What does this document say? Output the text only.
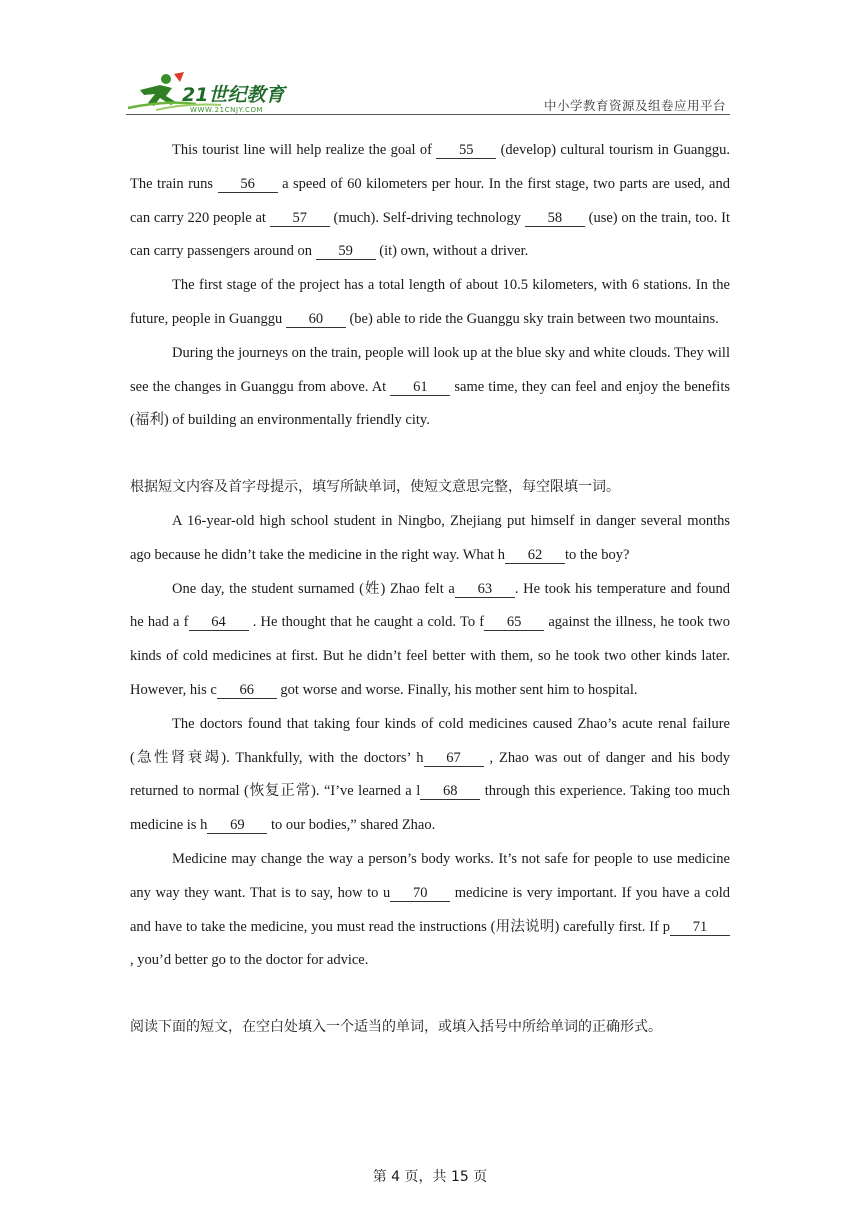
21世纪教育
WWW.21CNJY.COM	中小学教育资源及组卷应用平台

This tourist line will help realize the goal of 55 (develop) cultural tourism in Guanggu. The train runs 56 a speed of 60 kilometers per hour. In the first stage, two parts are used, and can carry 220 people at 57 (much). Self-driving technology 58 (use) on the train, too. It can carry passengers around on 59 (it) own, without a driver.

The first stage of the project has a total length of about 10.5 kilometers, with 6 stations. In the future, people in Guanggu 60 (be) able to ride the Guanggu sky train between two mountains.

During the journeys on the train, people will look up at the blue sky and white clouds. They will see the changes in Guanggu from above. At 61 same time, they can feel and enjoy the benefits (福利) of building an environmentally friendly city.

根据短文内容及首字母提示，填写所缺单词，使短文意思完整，每空限填一词。

A 16-year-old high school student in Ningbo, Zhejiang put himself in danger several months ago because he didn’t take the medicine in the right way. What h 62 to the boy?

One day, the student surnamed (姓) Zhao felt a 63 . He took his temperature and found he had a f 64 . He thought that he caught a cold. To f 65 against the illness, he took two kinds of cold medicines at first. But he didn’t feel better with them, so he took two other kinds later. However, his c 66 got worse and worse. Finally, his mother sent him to hospital.

The doctors found that taking four kinds of cold medicines caused Zhao’s acute renal failure (急性肾衰竭). Thankfully, with the doctors’ h 67 , Zhao was out of danger and his body returned to normal (恢复正常). “I’ve learned a l 68 through this experience. Taking too much medicine is h 69 to our bodies,” shared Zhao.

Medicine may change the way a person’s body works. It’s not safe for people to use medicine any way they want. That is to say, how to u 70 medicine is very important. If you have a cold and have to take the medicine, you must read the instructions (用法说明) carefully first. If p 71 , you’d better go to the doctor for advice.

阅读下面的短文，在空白处填入一个适当的单词，或填入括号中所给单词的正确形式。

第 4 页，共 15 页
